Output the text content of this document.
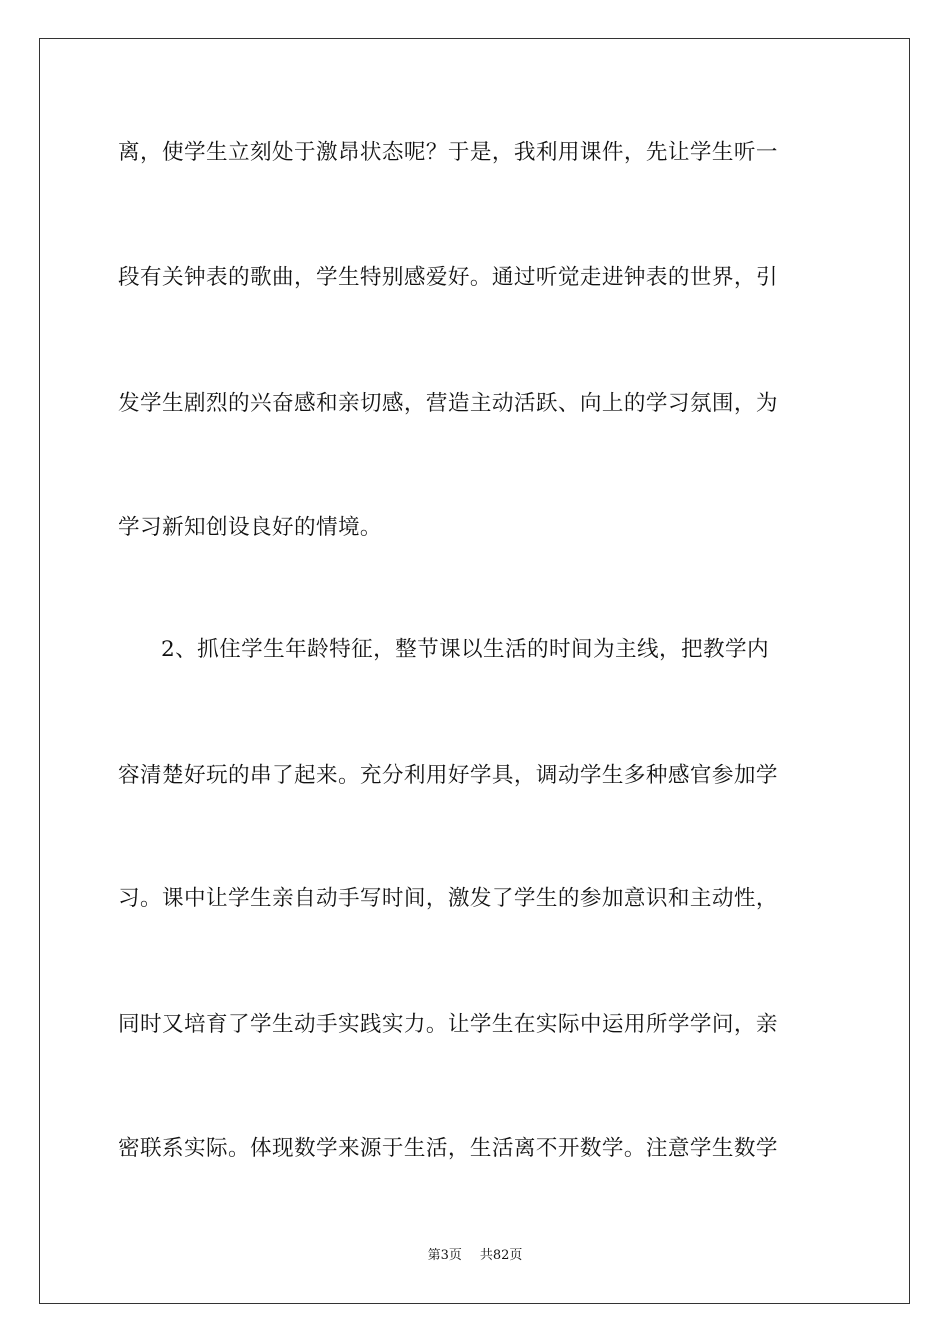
离，使学生立刻处于激昂状态呢？于是，我利用课件，先让学生听一
段有关钟表的歌曲，学生特别感爱好。通过听觉走进钟表的世界，引
发学生剧烈的兴奋感和亲切感，营造主动活跃、向上的学习氛围，为
学习新知创设良好的情境。
2、抓住学生年龄特征，整节课以生活的时间为主线，把教学内
容清楚好玩的串了起来。充分利用好学具，调动学生多种感官参加学
习。课中让学生亲自动手写时间，激发了学生的参加意识和主动性，
同时又培育了学生动手实践实力。让学生在实际中运用所学学问，亲
密联系实际。体现数学来源于生活，生活离不开数学。注意学生数学
第3页 共82页
